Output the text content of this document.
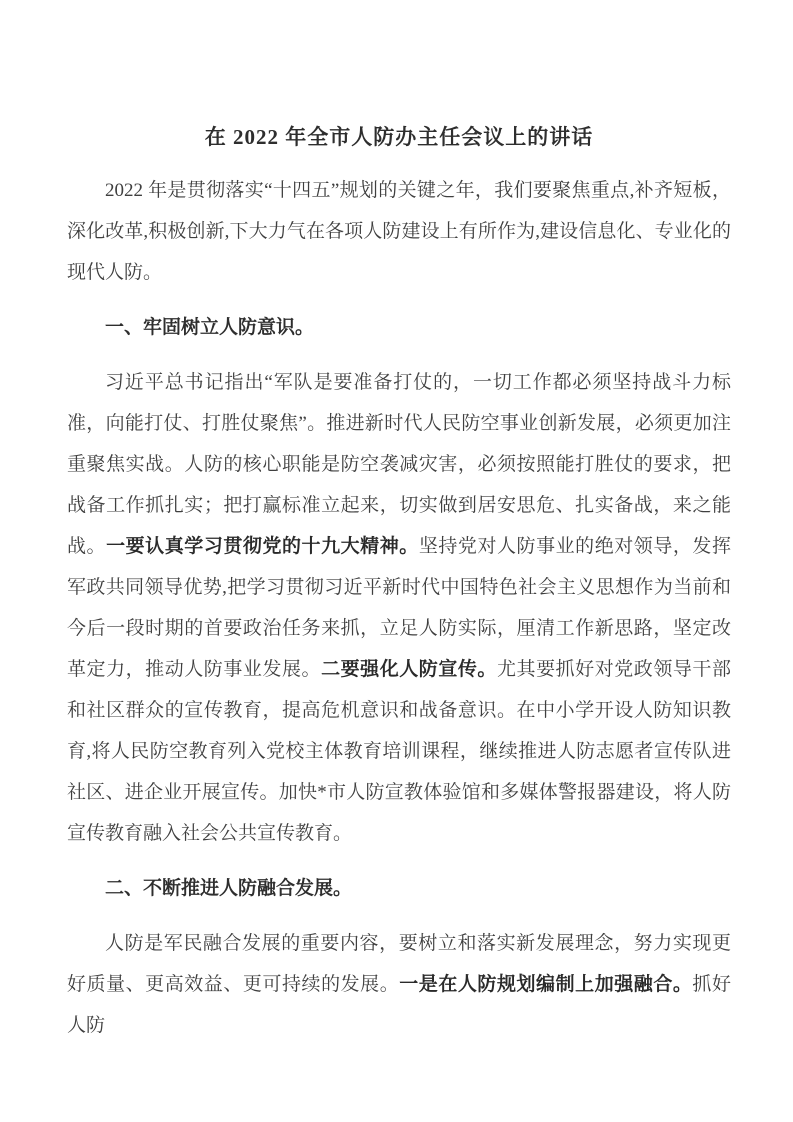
在 2022 年全市人防办主任会议上的讲话

2022 年是贯彻落实“十四五”规划的关键之年，我们要聚焦重点,补齐短板，深化改革,积极创新,下大力气在各项人防建设上有所作为,建设信息化、专业化的现代人防。

一、牢固树立人防意识。

习近平总书记指出“军队是要准备打仗的，一切工作都必须坚持战斗力标准，向能打仗、打胜仗聚焦”。推进新时代人民防空事业创新发展，必须更加注重聚焦实战。人防的核心职能是防空袭减灾害，必须按照能打胜仗的要求，把战备工作抓扎实；把打赢标准立起来，切实做到居安思危、扎实备战，来之能战。一要认真学习贯彻党的十九大精神。坚持党对人防事业的绝对领导，发挥军政共同领导优势,把学习贯彻习近平新时代中国特色社会主义思想作为当前和今后一段时期的首要政治任务来抓，立足人防实际，厘清工作新思路，坚定改革定力，推动人防事业发展。二要强化人防宣传。尤其要抓好对党政领导干部和社区群众的宣传教育，提高危机意识和战备意识。在中小学开设人防知识教育,将人民防空教育列入党校主体教育培训课程，继续推进人防志愿者宣传队进社区、进企业开展宣传。加快*市人防宣教体验馆和多媒体警报器建设，将人防宣传教育融入社会公共宣传教育。

二、不断推进人防融合发展。

人防是军民融合发展的重要内容，要树立和落实新发展理念，努力实现更好质量、更高效益、更可持续的发展。一是在人防规划编制上加强融合。抓好人防
